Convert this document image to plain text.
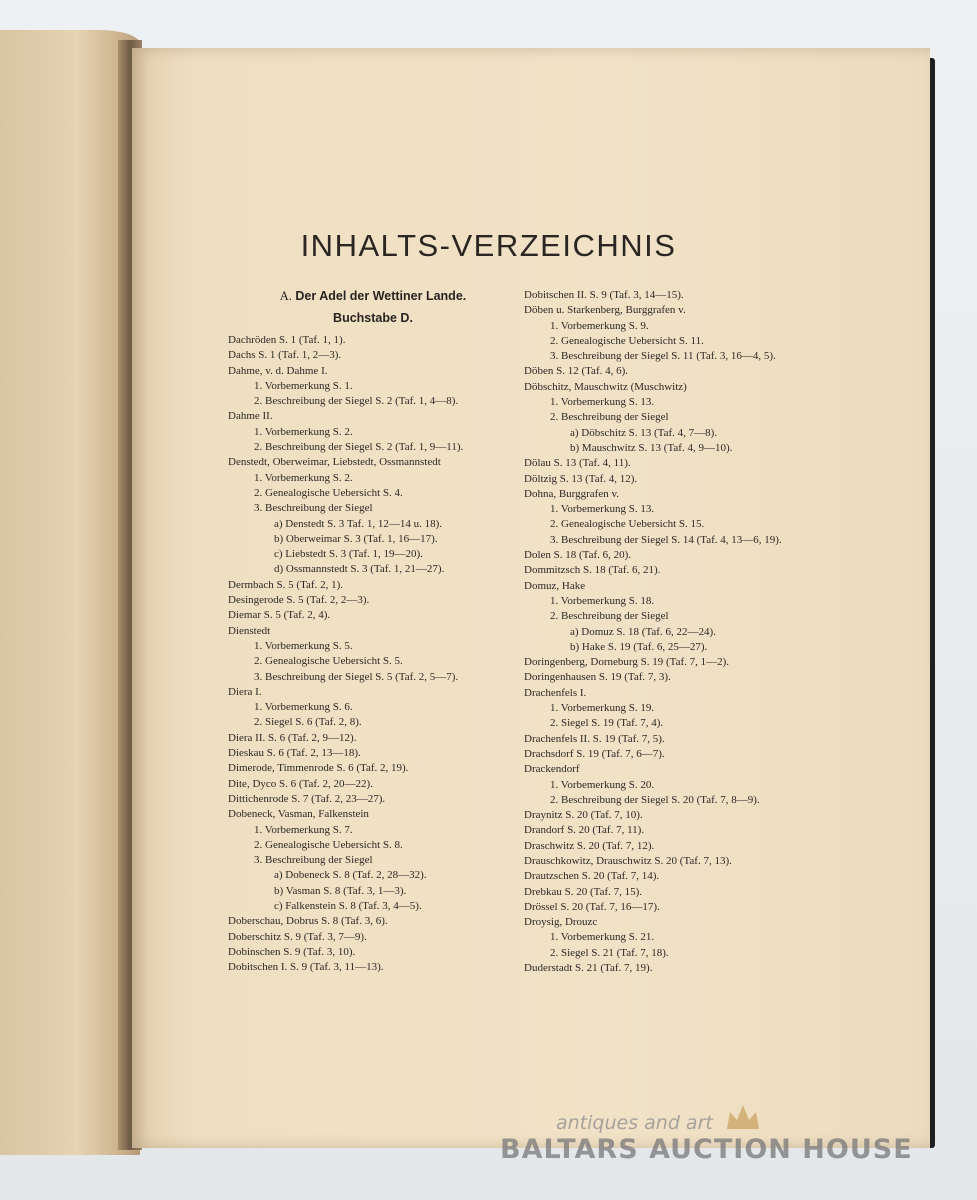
INHALTS-VERZEICHNIS
A. Der Adel der Wettiner Lande.
Buchstabe D.
Dachröden S. 1 (Taf. 1, 1).
Dachs S. 1 (Taf. 1, 2—3).
Dahme, v. d. Dahme I.
1. Vorbemerkung S. 1.
2. Beschreibung der Siegel S. 2 (Taf. 1, 4—8).
Dahme II.
1. Vorbemerkung S. 2.
2. Beschreibung der Siegel S. 2 (Taf. 1, 9—11).
Denstedt, Oberweimar, Liebstedt, Ossmannstedt
1. Vorbemerkung S. 2.
2. Genealogische Uebersicht S. 4.
3. Beschreibung der Siegel
a) Denstedt S. 3 Taf. 1, 12—14 u. 18).
b) Oberweimar S. 3 (Taf. 1, 16—17).
c) Liebstedt S. 3 (Taf. 1, 19—20).
d) Ossmannstedt S. 3 (Taf. 1, 21—27).
Dermbach S. 5 (Taf. 2, 1).
Desingerode S. 5 (Taf. 2, 2—3).
Diemar S. 5 (Taf. 2, 4).
Dienstedt
1. Vorbemerkung S. 5.
2. Genealogische Uebersicht S. 5.
3. Beschreibung der Siegel S. 5 (Taf. 2, 5—7).
Diera I.
1. Vorbemerkung S. 6.
2. Siegel S. 6 (Taf. 2, 8).
Diera II. S. 6 (Taf. 2, 9—12).
Dieskau S. 6 (Taf. 2, 13—18).
Dimerode, Timmenrode S. 6 (Taf. 2, 19).
Dite, Dyco S. 6 (Taf. 2, 20—22).
Dittichenrode S. 7 (Taf. 2, 23—27).
Dobeneck, Vasman, Falkenstein
1. Vorbemerkung S. 7.
2. Genealogische Uebersicht S. 8.
3. Beschreibung der Siegel
a) Dobeneck S. 8 (Taf. 2, 28—32).
b) Vasman S. 8 (Taf. 3, 1—3).
c) Falkenstein S. 8 (Taf. 3, 4—5).
Doberschau, Dobrus S. 8 (Taf. 3, 6).
Doberschitz S. 9 (Taf. 3, 7—9).
Dobinschen S. 9 (Taf. 3, 10).
Dobitschen I. S. 9 (Taf. 3, 11—13).
Dobitschen II. S. 9 (Taf. 3, 14—15).
Döben u. Starkenberg, Burggrafen v.
1. Vorbemerkung S. 9.
2. Genealogische Uebersicht S. 11.
3. Beschreibung der Siegel S. 11 (Taf. 3, 16—4, 5).
Döben S. 12 (Taf. 4, 6).
Döbschitz, Mauschwitz (Muschwitz)
1. Vorbemerkung S. 13.
2. Beschreibung der Siegel
a) Döbschitz S. 13 (Taf. 4, 7—8).
b) Mauschwitz S. 13 (Taf. 4, 9—10).
Dölau S. 13 (Taf. 4, 11).
Döltzig S. 13 (Taf. 4, 12).
Dohna, Burggrafen v.
1. Vorbemerkung S. 13.
2. Genealogische Uebersicht S. 15.
3. Beschreibung der Siegel S. 14 (Taf. 4, 13—6, 19).
Dolen S. 18 (Taf. 6, 20).
Dommitzsch S. 18 (Taf. 6, 21).
Domuz, Hake
1. Vorbemerkung S. 18.
2. Beschreibung der Siegel
a) Domuz S. 18 (Taf. 6, 22—24).
b) Hake S. 19 (Taf. 6, 25—27).
Doringenberg, Dorneburg S. 19 (Taf. 7, 1—2).
Doringenhausen S. 19 (Taf. 7, 3).
Drachenfels I.
1. Vorbemerkung S. 19.
2. Siegel S. 19 (Taf. 7, 4).
Drachenfels II. S. 19 (Taf. 7, 5).
Drachsdorf S. 19 (Taf. 7, 6—7).
Drackendorf
1. Vorbemerkung S. 20.
2. Beschreibung der Siegel S. 20 (Taf. 7, 8—9).
Draynitz S. 20 (Taf. 7, 10).
Drandorf S. 20 (Taf. 7, 11).
Draschwitz S. 20 (Taf. 7, 12).
Drauschkowitz, Drauschwitz S. 20 (Taf. 7, 13).
Drautzschen S. 20 (Taf. 7, 14).
Drebkau S. 20 (Taf. 7, 15).
Drössel S. 20 (Taf. 7, 16—17).
Droysig, Drouzc
1. Vorbemerkung S. 21.
2. Siegel S. 21 (Taf. 7, 18).
Duderstadt S. 21 (Taf. 7, 19).
antiques and art
BALTARS AUCTION HOUSE
